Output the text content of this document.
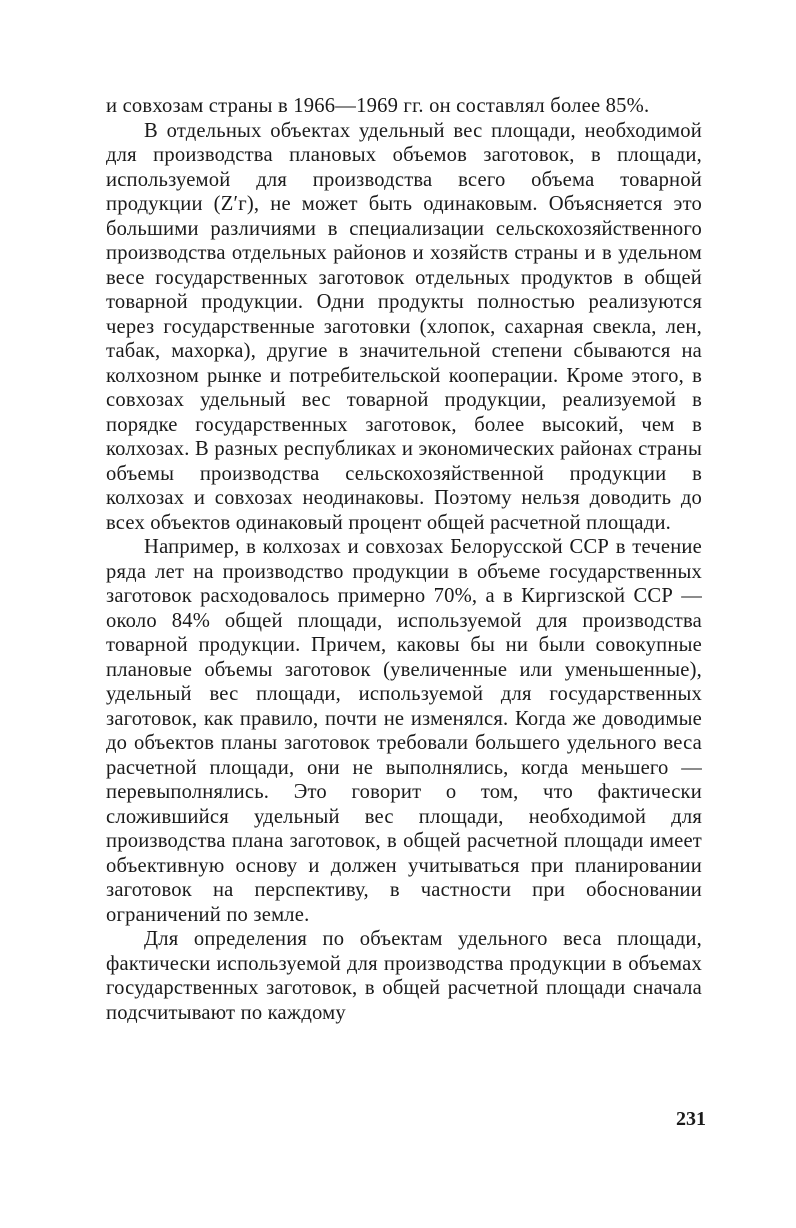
и совхозам страны в 1966—1969 гг. он составлял более 85%.

В отдельных объектах удельный вес площади, необходимой для производства плановых объемов заготовок, в площади, используемой для производства всего объема товарной продукции (Z′г), не может быть одинаковым. Объясняется это большими различиями в специализации сельскохозяйственного производства отдельных районов и хозяйств страны и в удельном весе государственных заготовок отдельных продуктов в общей товарной продукции. Одни продукты полностью реализуются через государственные заготовки (хлопок, сахарная свекла, лен, табак, махорка), другие в значительной степени сбываются на колхозном рынке и потребительской кооперации. Кроме этого, в совхозах удельный вес товарной продукции, реализуемой в порядке государственных заготовок, более высокий, чем в колхозах. В разных республиках и экономических районах страны объемы производства сельскохозяйственной продукции в колхозах и совхозах неодинаковы. Поэтому нельзя доводить до всех объектов одинаковый процент общей расчетной площади.

Например, в колхозах и совхозах Белорусской ССР в течение ряда лет на производство продукции в объеме государственных заготовок расходовалось примерно 70%, а в Киргизской ССР — около 84% общей площади, используемой для производства товарной продукции. Причем, каковы бы ни были совокупные плановые объемы заготовок (увеличенные или уменьшенные), удельный вес площади, используемой для государственных заготовок, как правило, почти не изменялся. Когда же доводимые до объектов планы заготовок требовали большего удельного веса расчетной площади, они не выполнялись, когда меньшего — перевыполнялись. Это говорит о том, что фактически сложившийся удельный вес площади, необходимой для производства плана заготовок, в общей расчетной площади имеет объективную основу и должен учитываться при планировании заготовок на перспективу, в частности при обосновании ограничений по земле.

Для определения по объектам удельного веса площади, фактически используемой для производства продукции в объемах государственных заготовок, в общей расчетной площади сначала подсчитывают по каждому

231
